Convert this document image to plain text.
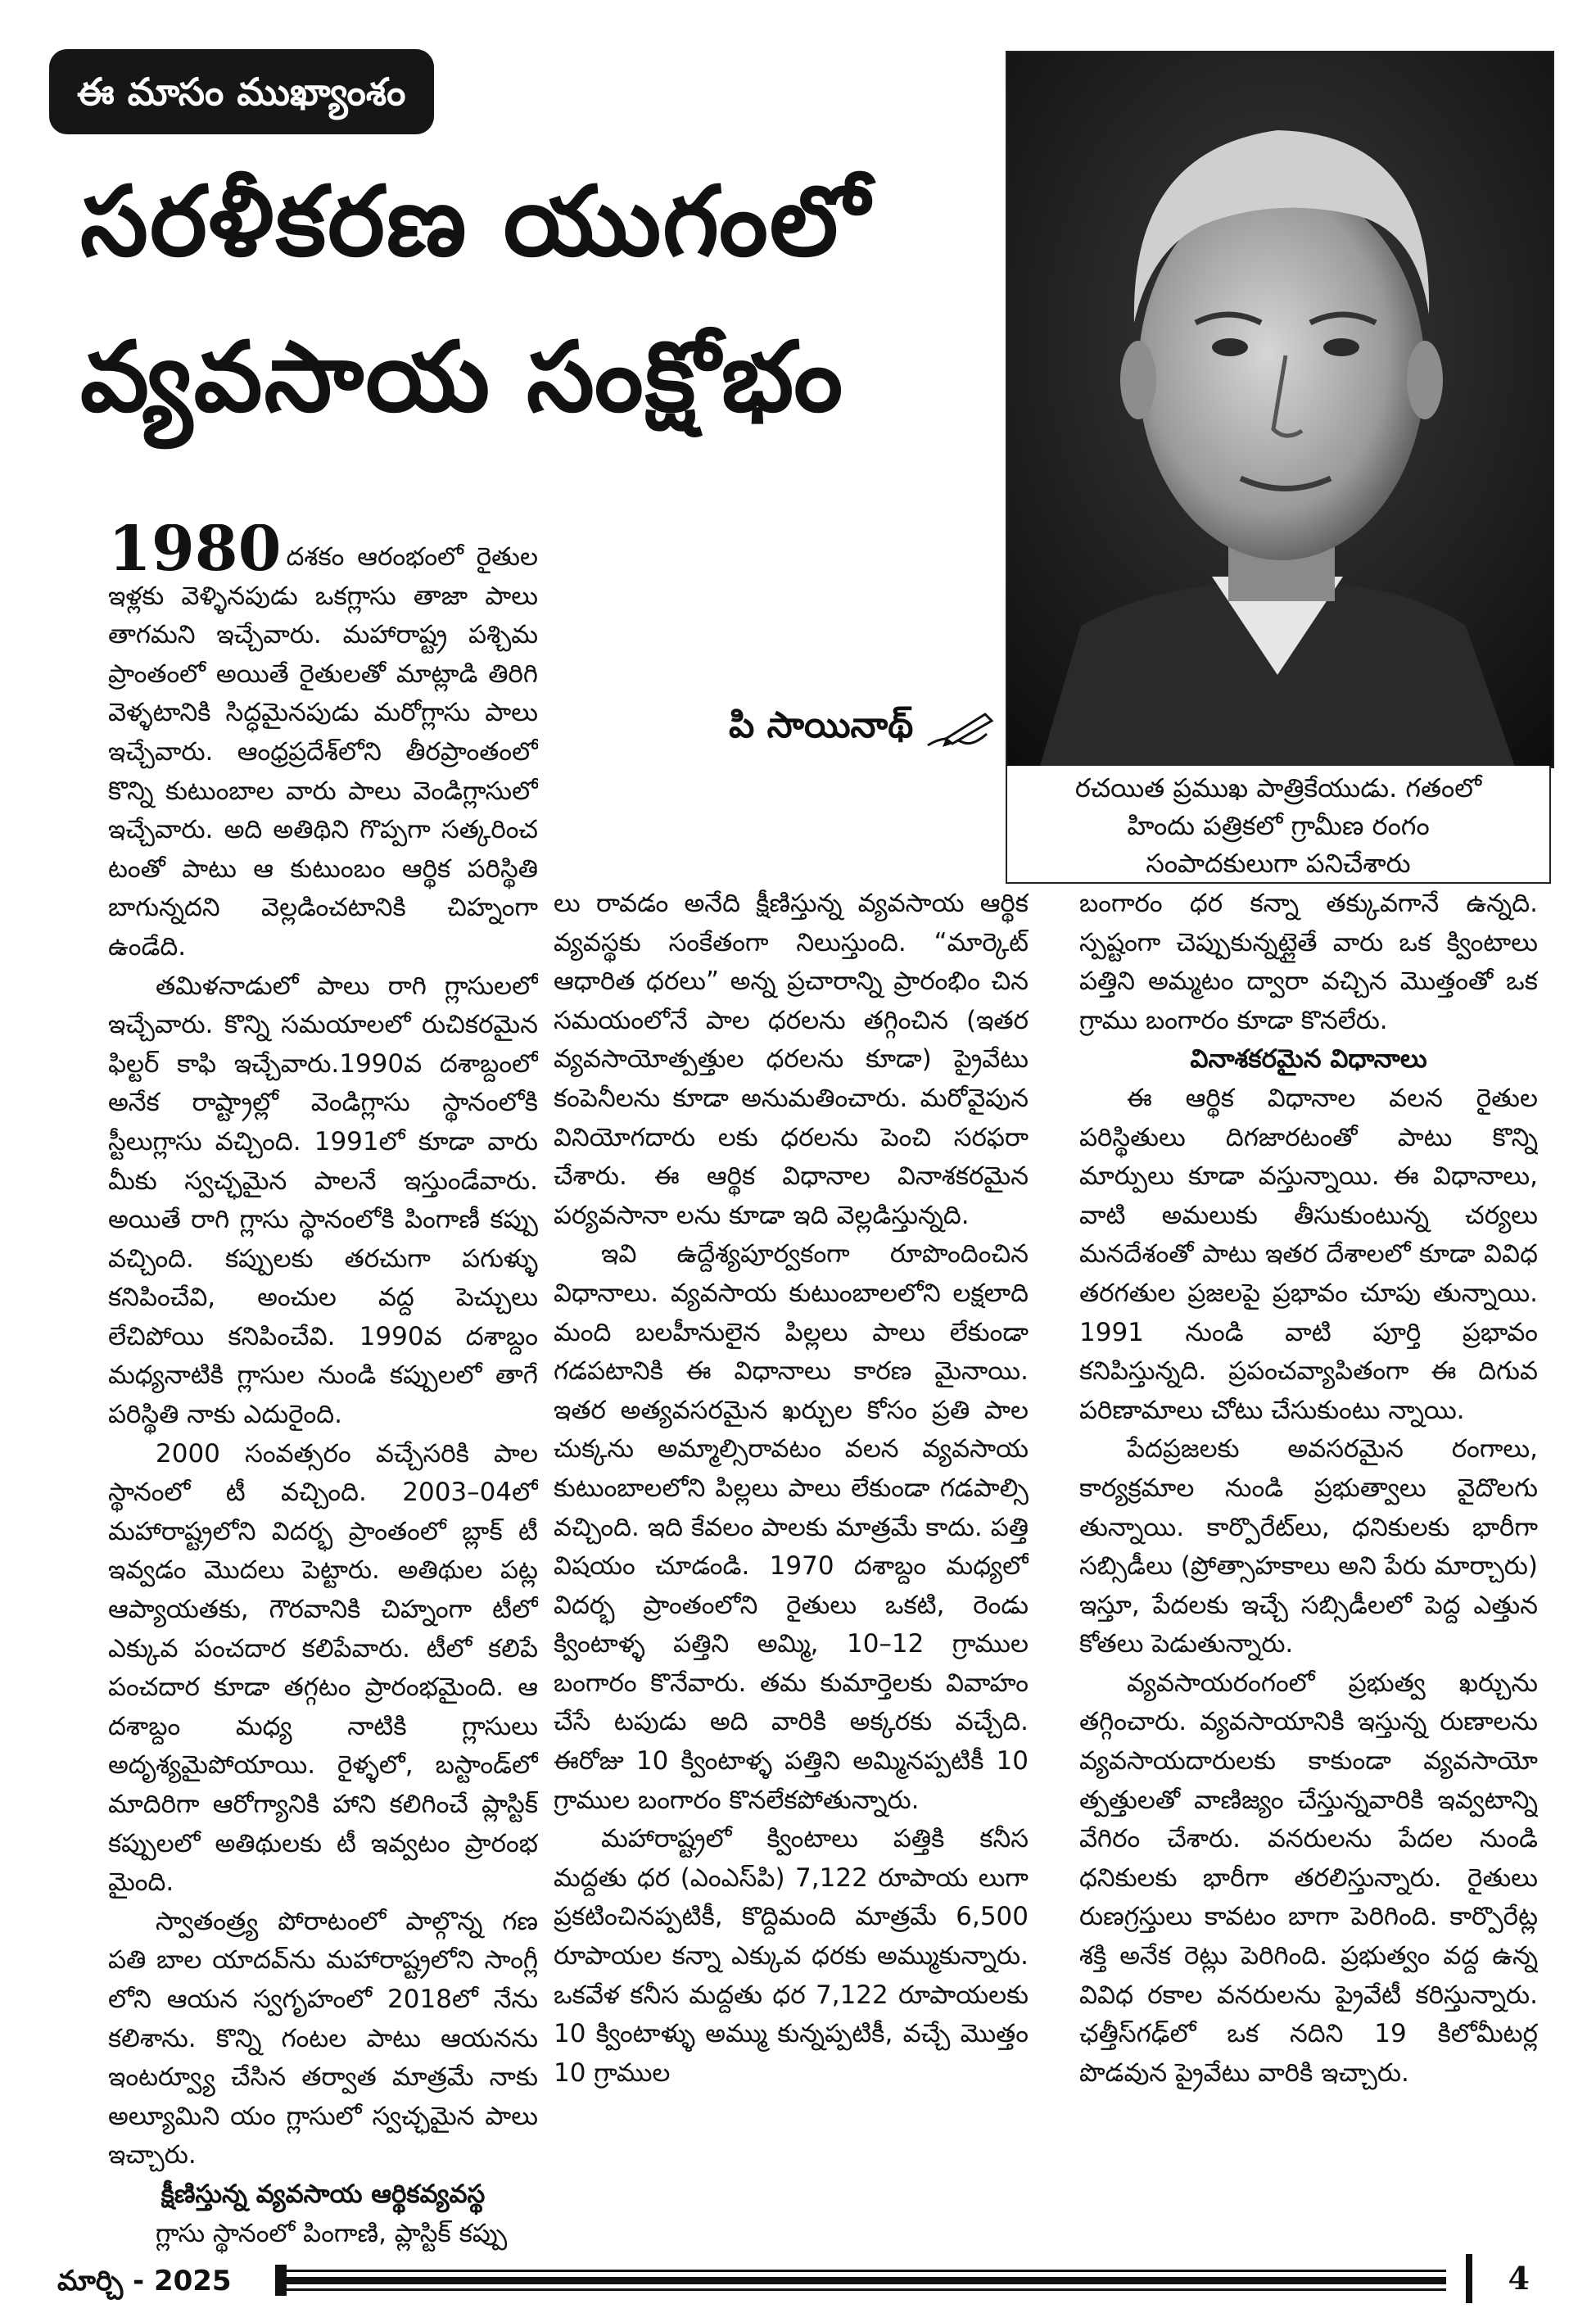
ఈ మాసం ముఖ్యాంశం
సరళీకరణ యుగంలో
వ్యవసాయ సంక్షోభం
పి సాయినాథ్
రచయిత ప్రముఖ పాత్రికేయుడు. గతంలో
హిందు పత్రికలో గ్రామీణ రంగం
సంపాదకులుగా పనిచేశారు

1980 దశకం ఆరంభంలో రైతుల ఇళ్లకు వెళ్ళినపుడు ఒకగ్లాసు తాజా పాలు తాగమని ఇచ్చేవారు. మహారాష్ట్ర పశ్చిమ ప్రాంతంలో అయితే రైతులతో మాట్లాడి తిరిగి వెళ్ళటానికి సిద్ధమైనపుడు మరోగ్లాసు పాలు ఇచ్చేవారు. ఆంధ్రప్రదేశ్‌లోని తీరప్రాంతంలో కొన్ని కుటుంబాల వారు పాలు వెండిగ్లాసులో ఇచ్చేవారు. అది అతిథిని గొప్పగా సత్కరించ టంతో పాటు ఆ కుటుంబం ఆర్థిక పరిస్థితి బాగున్నదని వెల్లడించటానికి చిహ్నంగా ఉండేది.

తమిళనాడులో పాలు రాగి గ్లాసులలో ఇచ్చేవారు. కొన్ని సమయాలలో రుచికరమైన ఫిల్టర్ కాఫి ఇచ్చేవారు.1990వ దశాబ్దంలో అనేక రాష్ట్రాల్లో వెండిగ్లాసు స్థానంలోకి స్టీలుగ్లాసు వచ్చింది. 1991లో కూడా వారు మీకు స్వచ్ఛమైన పాలనే ఇస్తుండేవారు. అయితే రాగి గ్లాసు స్థానంలోకి పింగాణీ కప్పు వచ్చింది. కప్పులకు తరచుగా పగుళ్ళు కనిపించేవి, అంచుల వద్ద పెచ్చులు లేచిపోయి కనిపించేవి. 1990వ దశాబ్దం మధ్యనాటికి గ్లాసుల నుండి కప్పులలో తాగే పరిస్థితి నాకు ఎదురైంది.

2000 సంవత్సరం వచ్చేసరికి పాల స్థానంలో టీ వచ్చింది. 2003–04లో మహారాష్ట్రలోని విదర్భ ప్రాంతంలో బ్లాక్ టీ ఇవ్వడం మొదలు పెట్టారు. అతిథుల పట్ల ఆప్యాయతకు, గౌరవానికి చిహ్నంగా టీలో ఎక్కువ పంచదార కలిపేవారు. టీలో కలిపే పంచదార కూడా తగ్గటం ప్రారంభమైంది. ఆ దశాబ్దం మధ్య నాటికి గ్లాసులు అదృశ్యమైపోయాయి. రైళ్ళలో, బస్టాండ్‌లో మాదిరిగా ఆరోగ్యానికి హాని కలిగించే ప్లాస్టిక్ కప్పులలో అతిథులకు టీ ఇవ్వటం ప్రారంభ మైంది.

స్వాతంత్ర్య పోరాటంలో పాల్గొన్న గణ పతి బాల యాదవ్‌ను మహారాష్ట్రలోని సాంగ్లీ లోని ఆయన స్వగృహంలో 2018లో నేను కలిశాను. కొన్ని గంటల పాటు ఆయనను ఇంటర్వ్యూ చేసిన తర్వాత మాత్రమే నాకు అల్యూమిని యం గ్లాసులో స్వచ్ఛమైన పాలు ఇచ్చారు.

క్షీణిస్తున్న వ్యవసాయ ఆర్థికవ్యవస్థ

గ్లాసు స్థానంలో పింగాణి, ప్లాస్టిక్ కప్పు

లు రావడం అనేది క్షీణిస్తున్న వ్యవసాయ ఆర్థిక వ్యవస్థకు సంకేతంగా నిలుస్తుంది. “మార్కెట్ ఆధారిత ధరలు” అన్న ప్రచారాన్ని ప్రారంభిం చిన సమయంలోనే పాల ధరలను తగ్గించిన (ఇతర వ్యవసాయోత్పత్తుల ధరలను కూడా) ప్రైవేటు కంపెనీలను కూడా అనుమతించారు. మరోవైపున వినియోగదారు లకు ధరలను పెంచి సరఫరా చేశారు. ఈ ఆర్థిక విధానాల వినాశకరమైన పర్యవసానా లను కూడా ఇది వెల్లడిస్తున్నది.

ఇవి ఉద్దేశ్యపూర్వకంగా రూపొందించిన విధానాలు. వ్యవసాయ కుటుంబాలలోని లక్షలాది మంది బలహీనులైన పిల్లలు పాలు లేకుండా గడపటానికి ఈ విధానాలు కారణ మైనాయి. ఇతర అత్యవసరమైన ఖర్చుల కోసం ప్రతి పాల చుక్కను అమ్మాల్సిరావటం వలన వ్యవసాయ కుటుంబాలలోని పిల్లలు పాలు లేకుండా గడపాల్సి వచ్చింది. ఇది కేవలం పాలకు మాత్రమే కాదు. పత్తి విషయం చూడండి. 1970 దశాబ్దం మధ్యలో విదర్భ ప్రాంతంలోని రైతులు ఒకటి, రెండు క్వింటాళ్ళ పత్తిని అమ్మి, 10–12 గ్రాముల బంగారం కొనేవారు. తమ కుమార్తెలకు వివాహం చేసే టపుడు అది వారికి అక్కరకు వచ్చేది. ఈరోజు 10 క్వింటాళ్ళ పత్తిని అమ్మినప్పటికీ 10 గ్రాముల బంగారం కొనలేకపోతున్నారు.

మహారాష్ట్రలో క్వింటాలు పత్తికి కనీస మద్దతు ధర (ఎంఎస్‌పి) 7,122 రూపాయ లుగా ప్రకటించినప్పటికీ, కొద్దిమంది మాత్రమే 6,500 రూపాయల కన్నా ఎక్కువ ధరకు అమ్ముకున్నారు. ఒకవేళ కనీస మద్దతు ధర 7,122 రూపాయలకు 10 క్వింటాళ్ళు అమ్ము కున్నప్పటికీ, వచ్చే మొత్తం 10 గ్రాముల

బంగారం ధర కన్నా తక్కువగానే ఉన్నది. స్పష్టంగా చెప్పుకున్నట్లైతే వారు ఒక క్వింటాలు పత్తిని అమ్మటం ద్వారా వచ్చిన మొత్తంతో ఒక గ్రాము బంగారం కూడా కొనలేరు.

వినాశకరమైన విధానాలు

ఈ ఆర్థిక విధానాల వలన రైతుల పరిస్థితులు దిగజారటంతో పాటు కొన్ని మార్పులు కూడా వస్తున్నాయి. ఈ విధానాలు, వాటి అమలుకు తీసుకుంటున్న చర్యలు మనదేశంతో పాటు ఇతర దేశాలలో కూడా వివిధ తరగతుల ప్రజలపై ప్రభావం చూపు తున్నాయి. 1991 నుండి వాటి పూర్తి ప్రభావం కనిపిస్తున్నది. ప్రపంచవ్యాపితంగా ఈ దిగువ పరిణామాలు చోటు చేసుకుంటు న్నాయి.

పేదప్రజలకు అవసరమైన రంగాలు, కార్యక్రమాల నుండి ప్రభుత్వాలు వైదొలగు తున్నాయి. కార్పొరేట్‌లు, ధనికులకు భారీగా సబ్సిడీలు (ప్రోత్సాహకాలు అని పేరు మార్చారు) ఇస్తూ, పేదలకు ఇచ్చే సబ్సిడీలలో పెద్ద ఎత్తున కోతలు పెడుతున్నారు.

వ్యవసాయరంగంలో ప్రభుత్వ ఖర్చును తగ్గించారు. వ్యవసాయానికి ఇస్తున్న రుణాలను వ్యవసాయదారులకు కాకుండా వ్యవసాయో త్పత్తులతో వాణిజ్యం చేస్తున్నవారికి ఇవ్వటాన్ని వేగిరం చేశారు. వనరులను పేదల నుండి ధనికులకు భారీగా తరలిస్తున్నారు. రైతులు రుణగ్రస్తులు కావటం బాగా పెరిగింది. కార్పొరేట్ల శక్తి అనేక రెట్లు పెరిగింది. ప్రభుత్వం వద్ద ఉన్న వివిధ రకాల వనరులను ప్రైవేటీ కరిస్తున్నారు. ఛత్తీస్‌గఢ్‌లో ఒక నదిని 19 కిలోమీటర్ల పొడవున ప్రైవేటు వారికి ఇచ్చారు.

మార్చి - 2025	4
